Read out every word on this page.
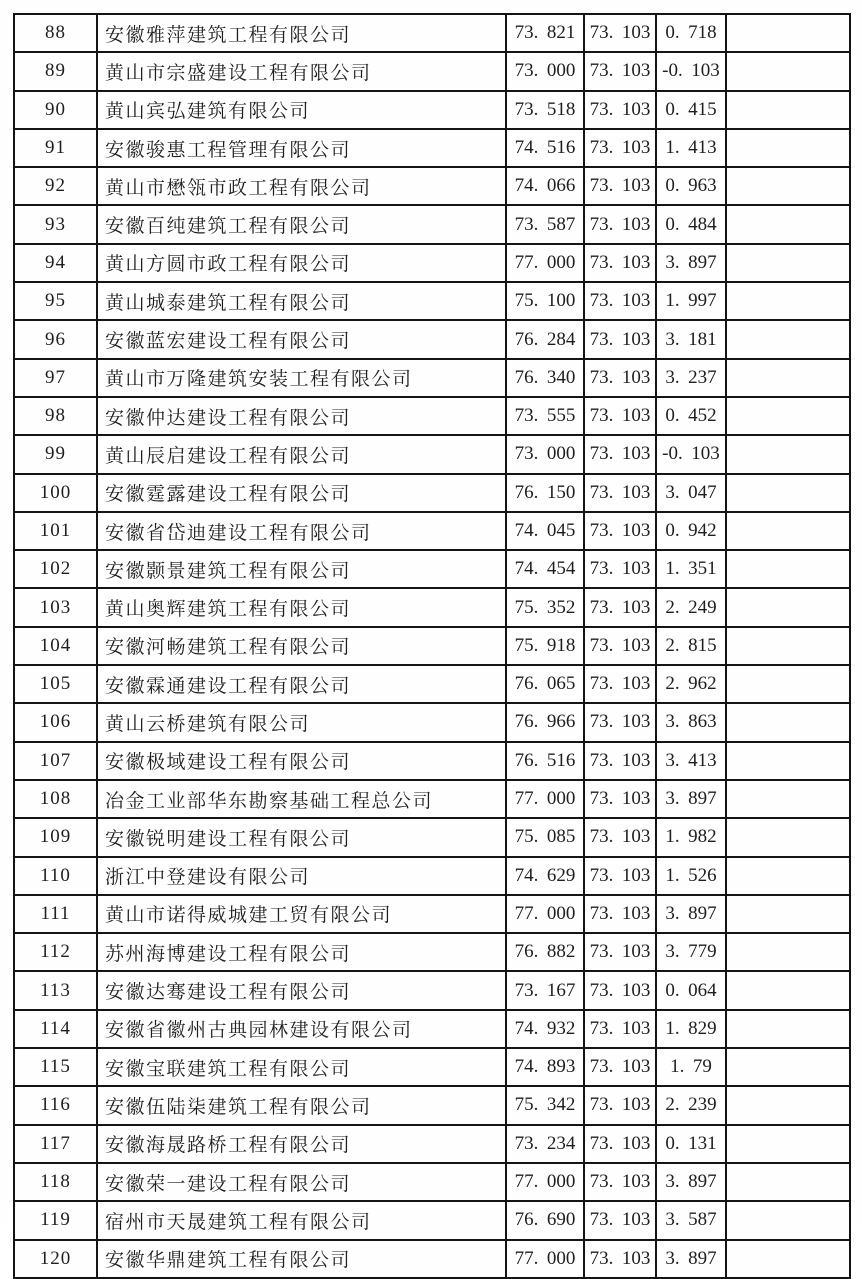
88	安徽雅萍建筑工程有限公司	73.  821	73.  103	0.  718	
89	黄山市宗盛建设工程有限公司	73.  000	73.  103	-0.  103	
90	黄山宾弘建筑有限公司	73.  518	73.  103	0.  415	
91	安徽骏惠工程管理有限公司	74.  516	73.  103	1.  413	
92	黄山市懋瓴市政工程有限公司	74.  066	73.  103	0.  963	
93	安徽百纯建筑工程有限公司	73.  587	73.  103	0.  484	
94	黄山方圆市政工程有限公司	77.  000	73.  103	3.  897	
95	黄山城泰建筑工程有限公司	75.  100	73.  103	1.  997	
96	安徽蓝宏建设工程有限公司	76.  284	73.  103	3.  181	
97	黄山市万隆建筑安装工程有限公司	76.  340	73.  103	3.  237	
98	安徽仲达建设工程有限公司	73.  555	73.  103	0.  452	
99	黄山辰启建设工程有限公司	73.  000	73.  103	-0.  103	
100	安徽霆露建设工程有限公司	76.  150	73.  103	3.  047	
101	安徽省岱迪建设工程有限公司	74.  045	73.  103	0.  942	
102	安徽颢景建筑工程有限公司	74.  454	73.  103	1.  351	
103	黄山奥辉建筑工程有限公司	75.  352	73.  103	2.  249	
104	安徽河畅建筑工程有限公司	75.  918	73.  103	2.  815	
105	安徽霖通建设工程有限公司	76.  065	73.  103	2.  962	
106	黄山云桥建筑有限公司	76.  966	73.  103	3.  863	
107	安徽极域建设工程有限公司	76.  516	73.  103	3.  413	
108	冶金工业部华东勘察基础工程总公司	77.  000	73.  103	3.  897	
109	安徽锐明建设工程有限公司	75.  085	73.  103	1.  982	
110	浙江中登建设有限公司	74.  629	73.  103	1.  526	
111	黄山市诺得威城建工贸有限公司	77.  000	73.  103	3.  897	
112	苏州海博建设工程有限公司	76.  882	73.  103	3.  779	
113	安徽达骞建设工程有限公司	73.  167	73.  103	0.  064	
114	安徽省徽州古典园林建设有限公司	74.  932	73.  103	1.  829	
115	安徽宝联建筑工程有限公司	74.  893	73.  103	1.  79	
116	安徽伍陆柒建筑工程有限公司	75.  342	73.  103	2.  239	
117	安徽海晟路桥工程有限公司	73.  234	73.  103	0.  131	
118	安徽荣一建设工程有限公司	77.  000	73.  103	3.  897	
119	宿州市天晟建筑工程有限公司	76.  690	73.  103	3.  587	
120	安徽华鼎建筑工程有限公司	77.  000	73.  103	3.  897	
